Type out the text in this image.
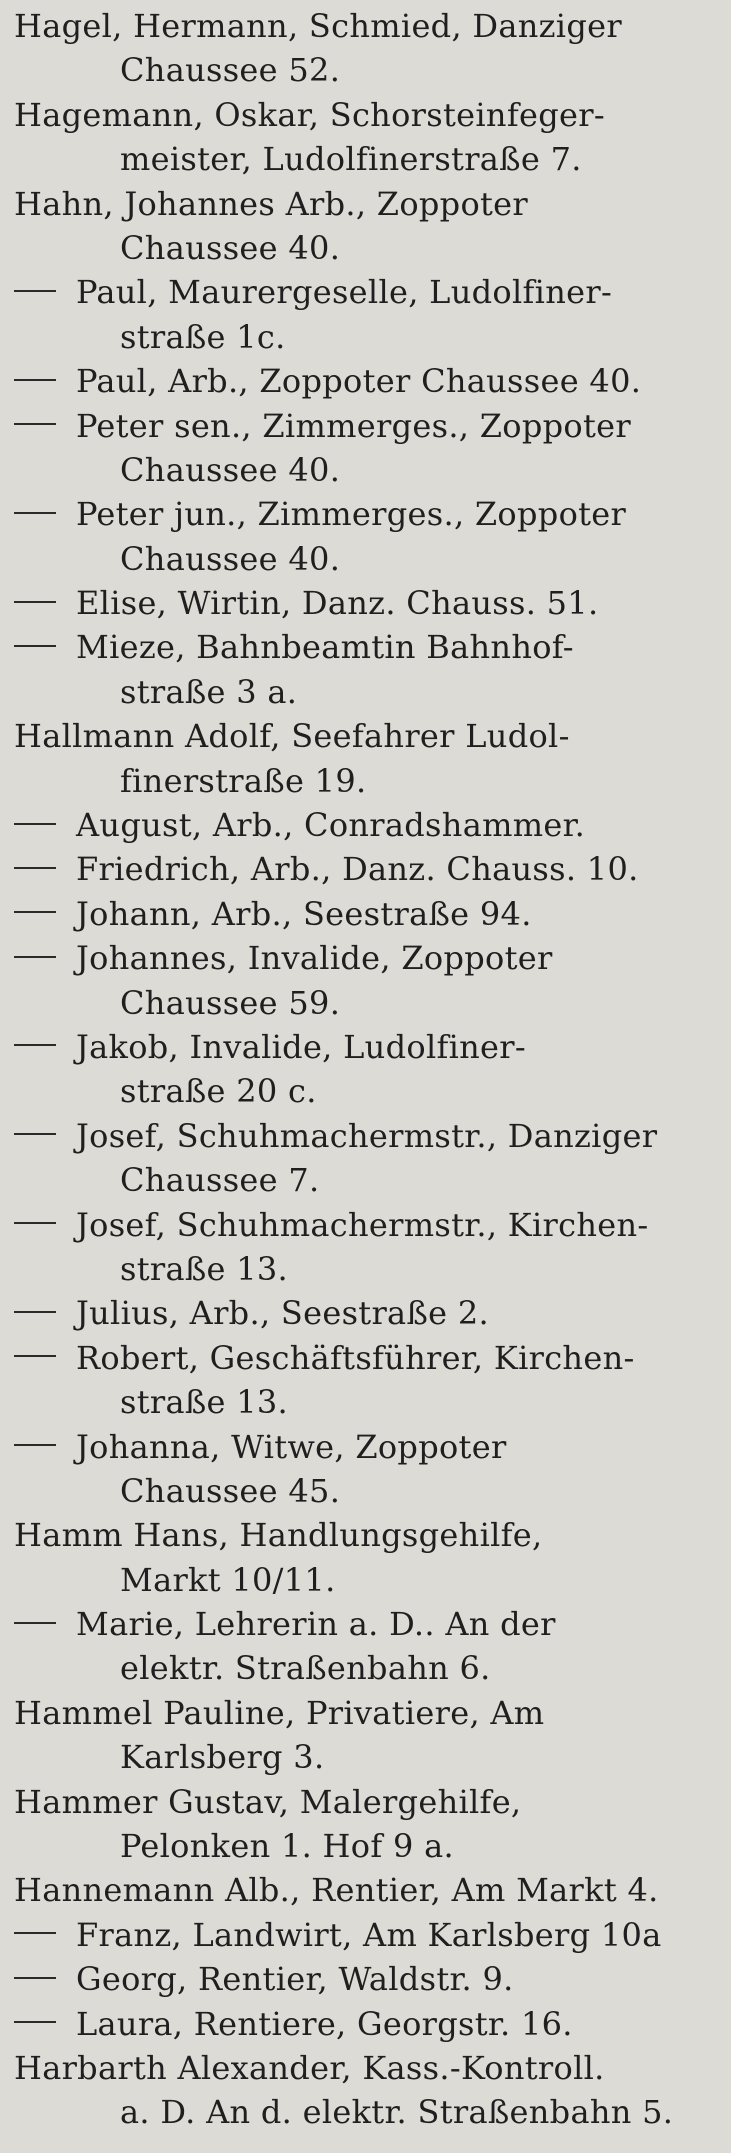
Hagel, Hermann, Schmied, Danziger
Chaussee 52.
Hagemann, Oskar, Schorsteinfeger-
meister, Ludolfinerstraße 7.
Hahn, Johannes Arb., Zoppoter
Chaussee 40.
Paul, Maurergeselle, Ludolfiner-
straße 1c.
Paul, Arb., Zoppoter Chaussee 40.
Peter sen., Zimmerges., Zoppoter
Chaussee 40.
Peter jun., Zimmerges., Zoppoter
Chaussee 40.
Elise, Wirtin, Danz. Chauss. 51.
Mieze, Bahnbeamtin Bahnhof-
straße 3 a.
Hallmann Adolf, Seefahrer Ludol-
finerstraße 19.
August, Arb., Conradshammer.
Friedrich, Arb., Danz. Chauss. 10.
Johann, Arb., Seestraße 94.
Johannes, Invalide, Zoppoter
Chaussee 59.
Jakob, Invalide, Ludolfiner-
straße 20 c.
Josef, Schuhmachermstr., Danziger
Chaussee 7.
Josef, Schuhmachermstr., Kirchen-
straße 13.
Julius, Arb., Seestraße 2.
Robert, Geschäftsführer, Kirchen-
straße 13.
Johanna, Witwe, Zoppoter
Chaussee 45.
Hamm Hans, Handlungsgehilfe,
Markt 10/11.
Marie, Lehrerin a. D.. An der
elektr. Straßenbahn 6.
Hammel Pauline, Privatiere, Am
Karlsberg 3.
Hammer Gustav, Malergehilfe,
Pelonken 1. Hof 9 a.
Hannemann Alb., Rentier, Am Markt 4.
Franz, Landwirt, Am Karlsberg 10a
Georg, Rentier, Waldstr. 9.
Laura, Rentiere, Georgstr. 16.
Harbarth Alexander, Kass.-Kontroll.
a. D. An d. elektr. Straßenbahn 5.
